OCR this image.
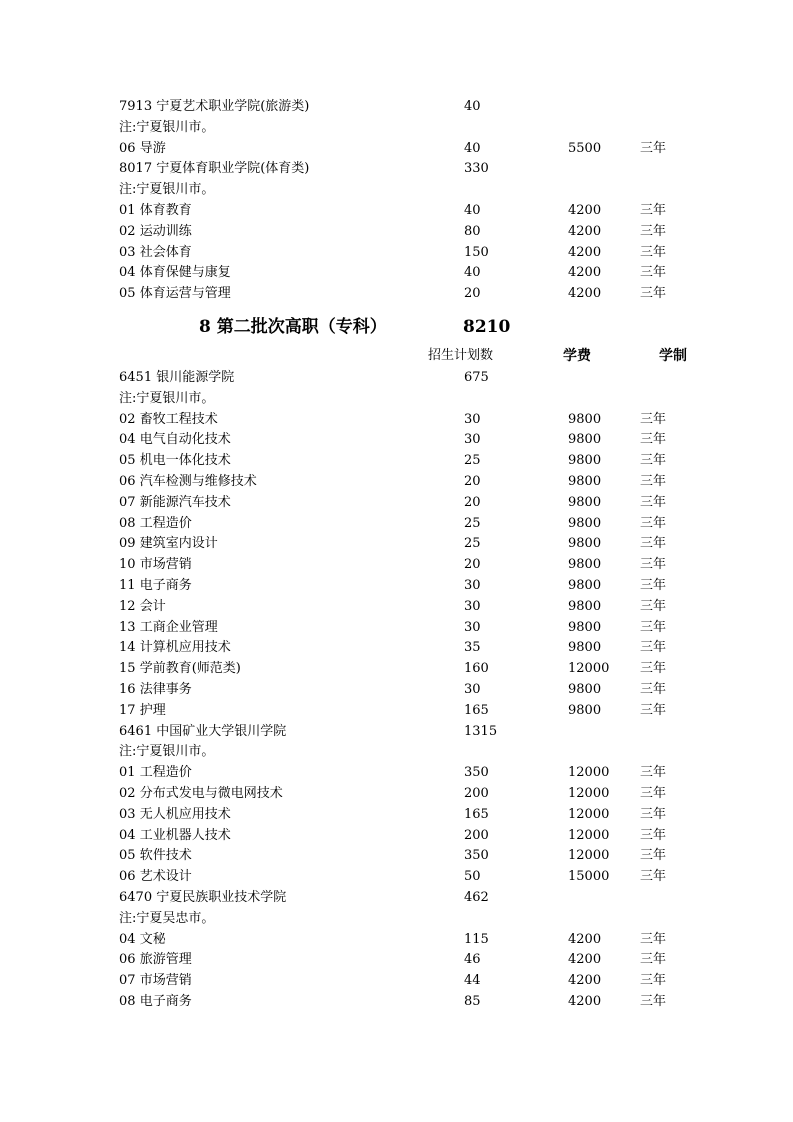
7913 宁夏艺术职业学院(旅游类)	40
注:宁夏银川市。
06 导游	40	5500	三年
8017 宁夏体育职业学院(体育类)	330
注:宁夏银川市。
01 体育教育	40	4200	三年
02 运动训练	80	4200	三年
03 社会体育	150	4200	三年
04 体育保健与康复	40	4200	三年
05 体育运营与管理	20	4200	三年
8 第二批次高职（专科）	8210
招生计划数	学费	学制
6451 银川能源学院	675
注:宁夏银川市。
02 畜牧工程技术	30	9800	三年
04 电气自动化技术	30	9800	三年
05 机电一体化技术	25	9800	三年
06 汽车检测与维修技术	20	9800	三年
07 新能源汽车技术	20	9800	三年
08 工程造价	25	9800	三年
09 建筑室内设计	25	9800	三年
10 市场营销	20	9800	三年
11 电子商务	30	9800	三年
12 会计	30	9800	三年
13 工商企业管理	30	9800	三年
14 计算机应用技术	35	9800	三年
15 学前教育(师范类)	160	12000 三年
16 法律事务	30	9800	三年
17 护理	165	9800	三年
6461 中国矿业大学银川学院	1315
注:宁夏银川市。
01 工程造价	350	12000 三年
02 分布式发电与微电网技术	200	12000 三年
03 无人机应用技术	165	12000 三年
04 工业机器人技术	200	12000 三年
05 软件技术	350	12000 三年
06 艺术设计	50	15000 三年
6470 宁夏民族职业技术学院	462
注:宁夏吴忠市。
04 文秘	115	4200	三年
06 旅游管理	46	4200	三年
07 市场营销	44	4200	三年
08 电子商务	85	4200	三年
